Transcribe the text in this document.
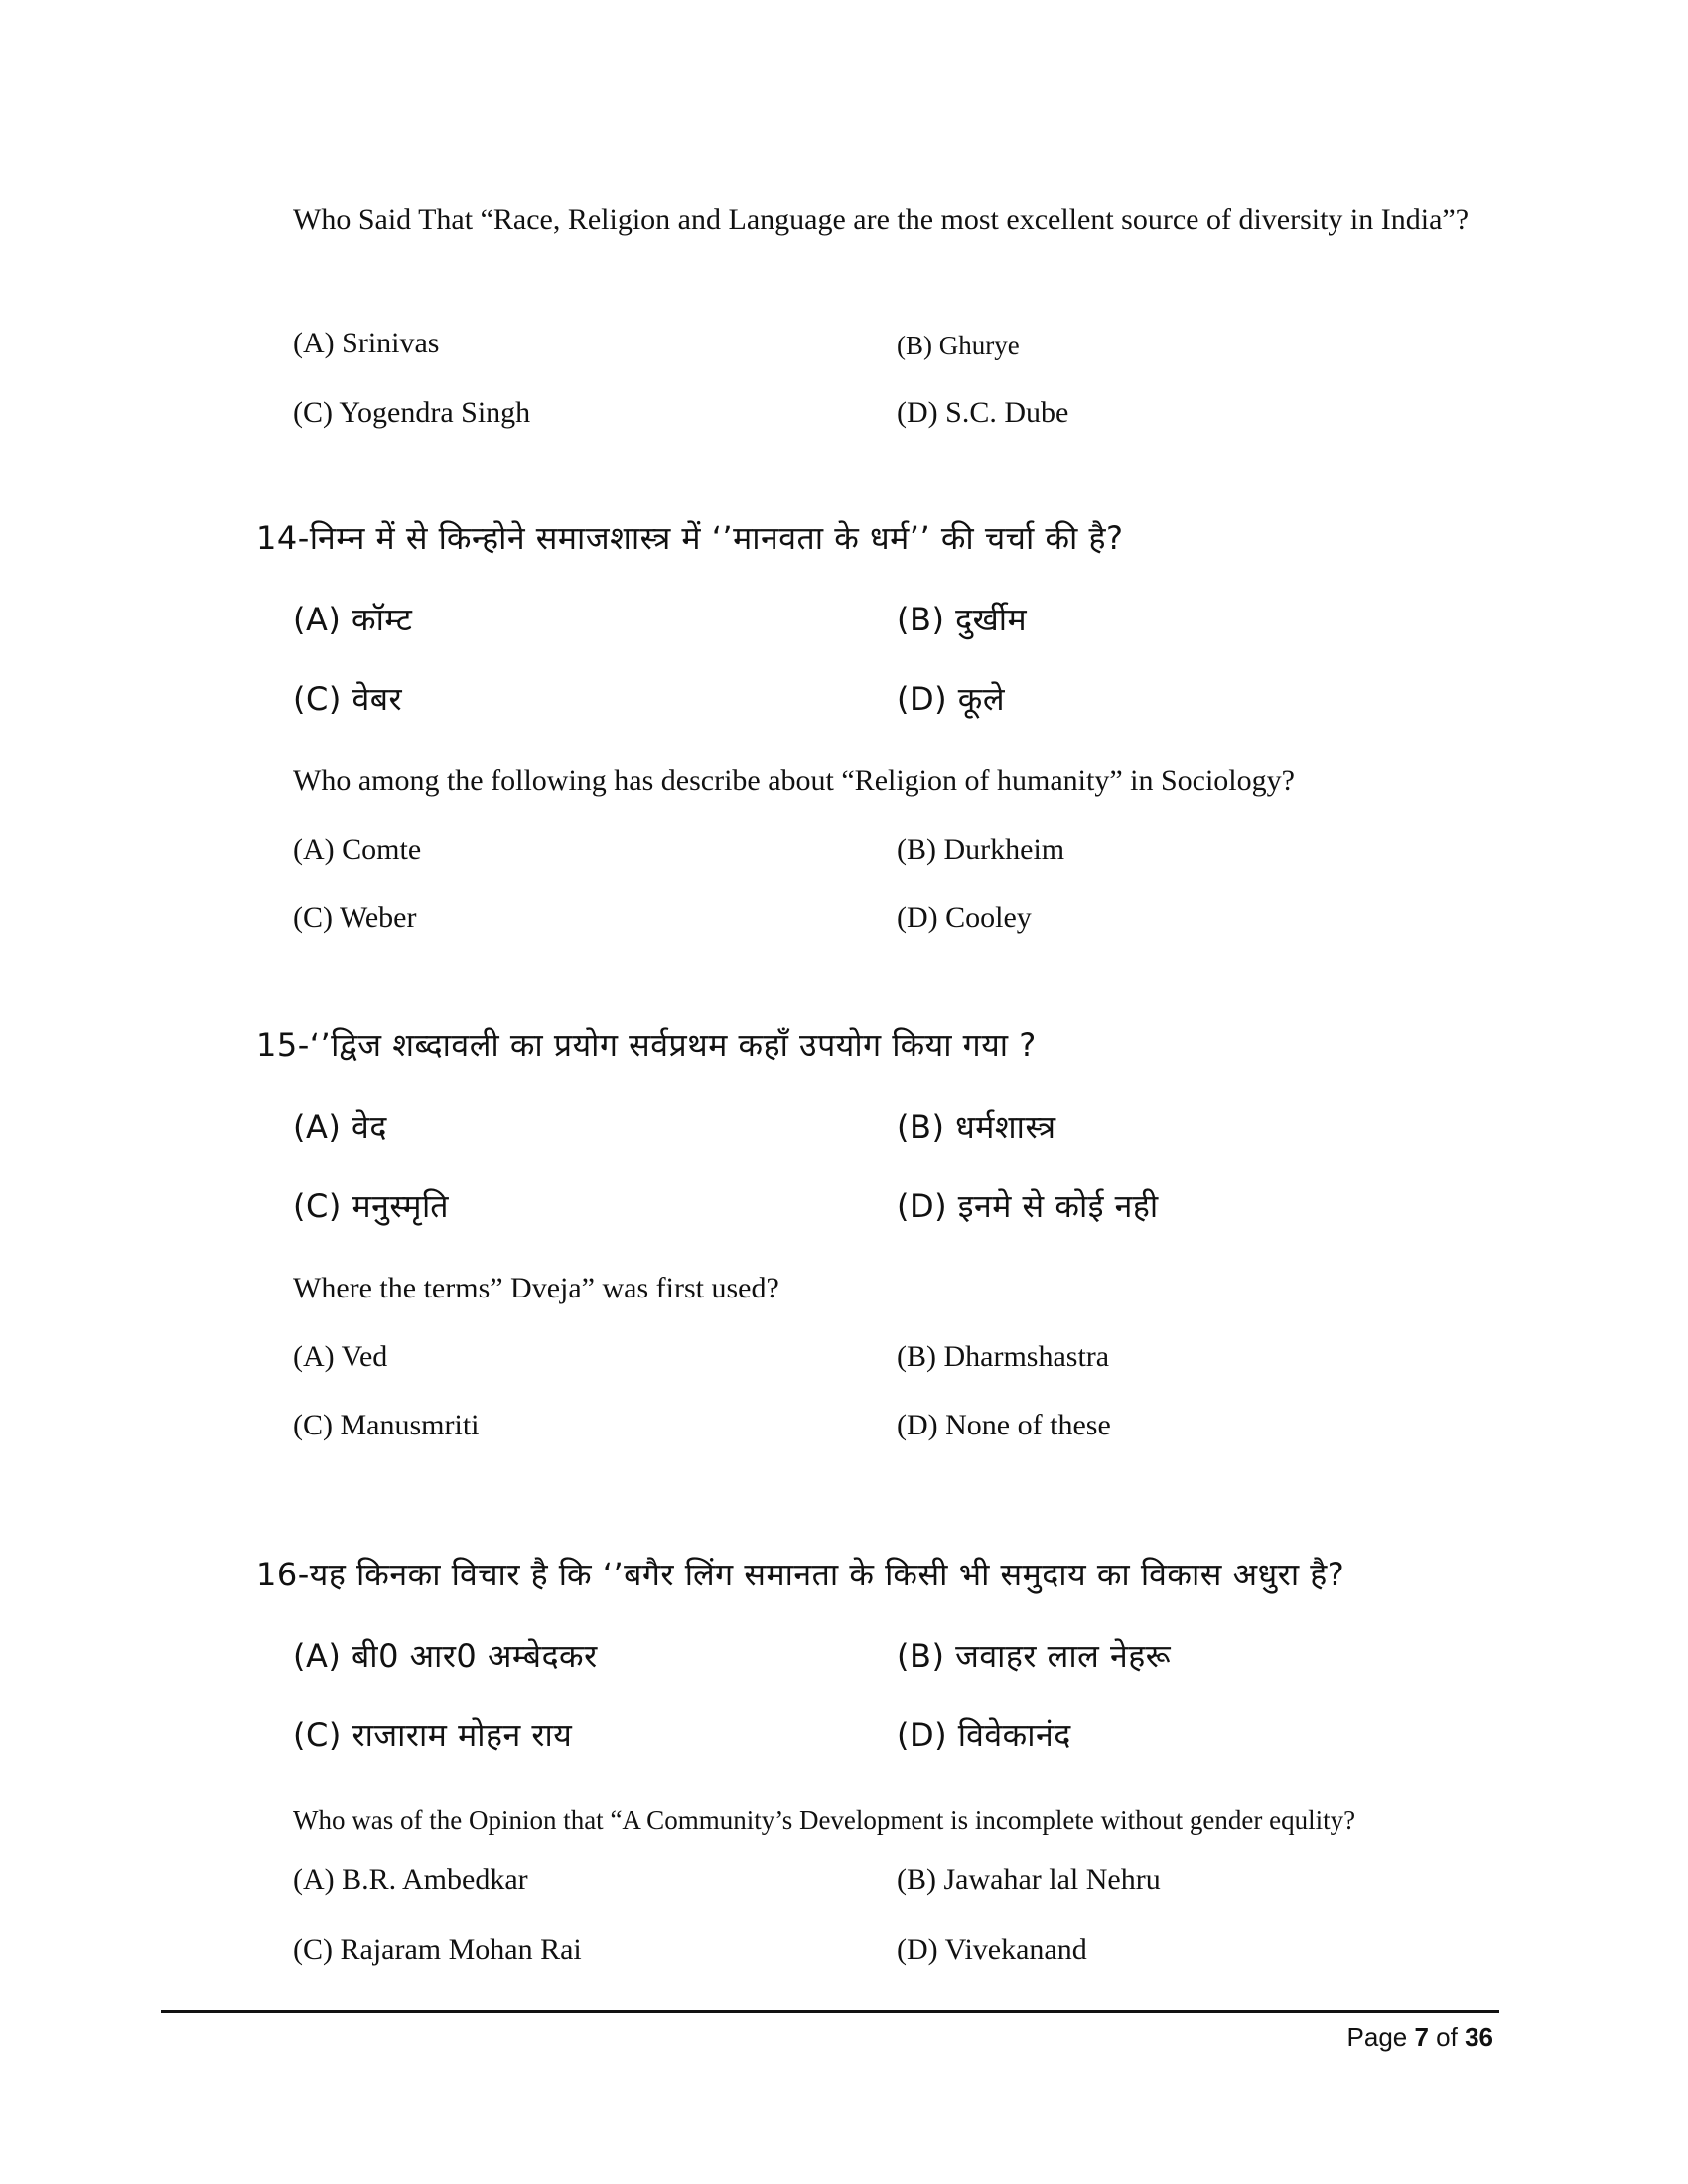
Who Said That “Race, Religion and Language are the most excellent source of diversity in India”?
(A) Srinivas	(B) Ghurye
(C) Yogendra Singh	(D) S.C. Dube
14-निम्न में से किन्होने समाजशास्त्र में ‘’मानवता के धर्म’’ की चर्चा की है?
(A) कॉम्ट	(B) दुर्खीम
(C) वेबर	(D) कूले
Who among the following has describe about “Religion of humanity” in Sociology?
(A) Comte	(B) Durkheim
(C) Weber	(D) Cooley
15-‘’द्विज शब्दावली का प्रयोग सर्वप्रथम कहाँ उपयोग किया गया ?
(A) वेद	(B) धर्मशास्त्र
(C) मनुस्मृति	(D) इनमे से कोई नही
Where the terms” Dveja” was first used?
(A) Ved	(B) Dharmshastra
(C) Manusmriti	(D) None of these
16-यह किनका विचार है कि ‘’बगैर लिंग समानता के किसी भी समुदाय का विकास अधुरा है?
(A) बी0 आर0 अम्बेदकर	(B) जवाहर लाल नेहरू
(C) राजाराम मोहन राय	(D) विवेकानंद
Who was of the Opinion that “A Community’s Development is incomplete without gender equlity?
(A) B.R. Ambedkar	(B) Jawahar lal Nehru
(C) Rajaram Mohan Rai	(D) Vivekanand
Page 7 of 36
